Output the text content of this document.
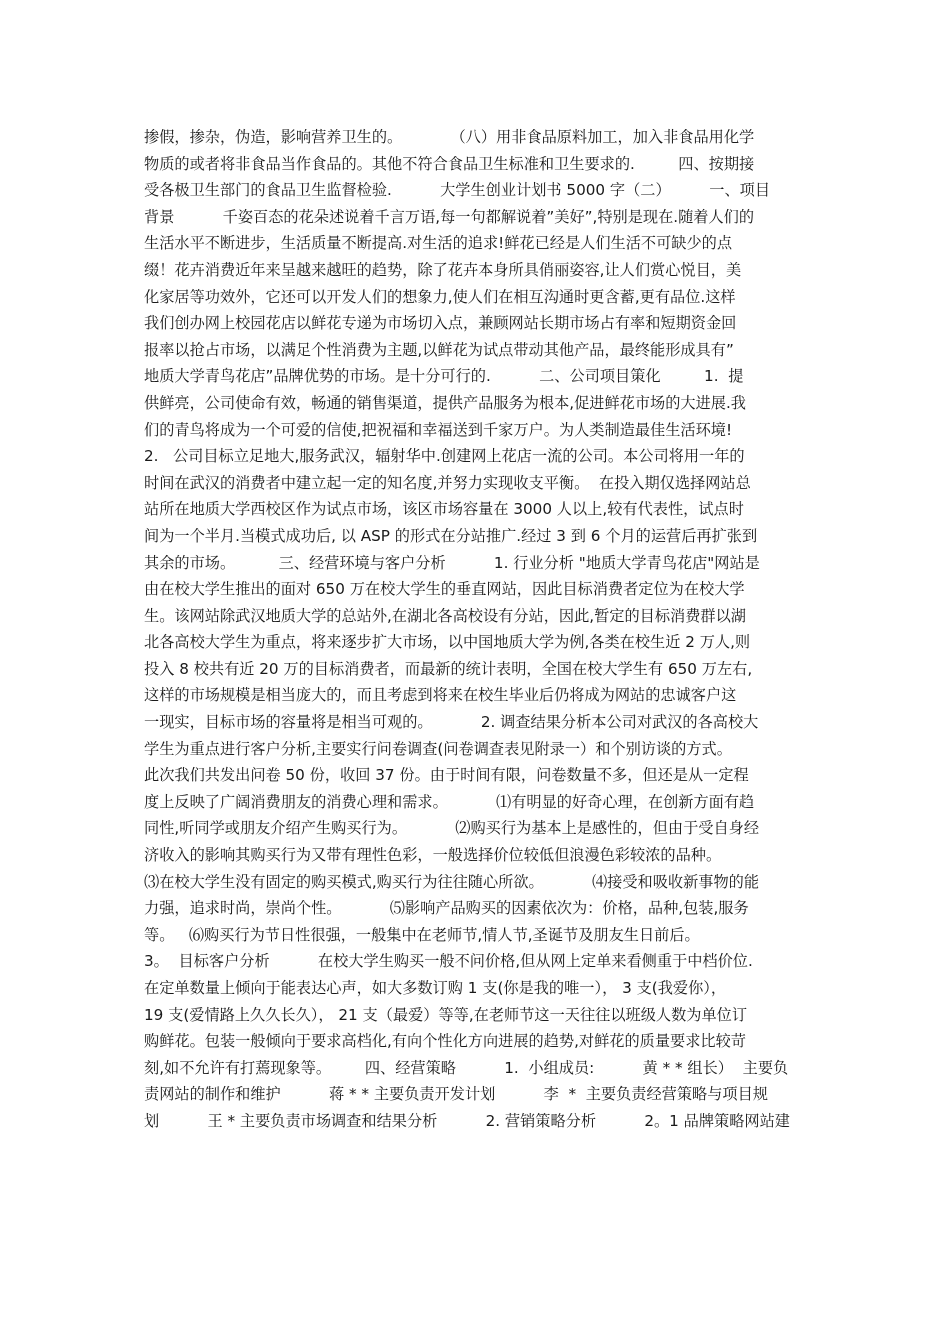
掺假，掺杂，伪造，影响营养卫生的。          （八）用非食品原料加工，加入非食品用化学
物质的或者将非食品当作食品的。其他不符合食品卫生标准和卫生要求的.         四、按期接
受各极卫生部门的食品卫生监督检验.          大学生创业计划书 5000 字（二）        一、项目
背景          千姿百态的花朵述说着千言万语,每一句都解说着”美好”,特别是现在.随着人们的
生活水平不断进步，生活质量不断提高.对生活的追求!鲜花已经是人们生活不可缺少的点
缀！花卉消费近年来呈越来越旺的趋势，除了花卉本身所具俏丽姿容,让人们赏心悦目，美
化家居等功效外，它还可以开发人们的想象力,使人们在相互沟通时更含蓄,更有品位.这样
我们创办网上校园花店以鲜花专递为市场切入点，兼顾网站长期市场占有率和短期资金回
报率以抢占市场，以满足个性消费为主题,以鲜花为试点带动其他产品，最终能形成具有”
地质大学青鸟花店”品牌优势的市场。是十分可行的.          二、公司项目策化         1.  提
供鲜亮，公司使命有效，畅通的销售渠道，提供产品服务为根本,促进鲜花市场的大进展.我
们的青鸟将成为一个可爱的信使,把祝福和幸福送到千家万户。为人类制造最佳生活环境!
2.   公司目标立足地大,服务武汉，辐射华中.创建网上花店一流的公司。本公司将用一年的
时间在武汉的消费者中建立起一定的知名度,并努力实现收支平衡。  在投入期仅选择网站总
站所在地质大学西校区作为试点市场，该区市场容量在 3000 人以上,较有代表性，试点时
间为一个半月.当模式成功后, 以 ASP 的形式在分站推广.经过 3 到 6 个月的运营后再扩张到
其余的市场。         三、经营环境与客户分析          1. 行业分析 "地质大学青鸟花店"网站是
由在校大学生推出的面对 650 万在校大学生的垂直网站，因此目标消费者定位为在校大学
生。该网站除武汉地质大学的总站外,在湖北各高校设有分站，因此,暂定的目标消费群以湖
北各高校大学生为重点，将来逐步扩大市场，以中国地质大学为例,各类在校生近 2 万人,则
投入 8 校共有近 20 万的目标消费者，而最新的统计表明，全国在校大学生有 650 万左右,
这样的市场规模是相当庞大的，而且考虑到将来在校生毕业后仍将成为网站的忠诚客户这
一现实，目标市场的容量将是相当可观的。          2. 调查结果分析本公司对武汉的各高校大
学生为重点进行客户分析,主要实行问卷调查(问卷调查表见附录一）和个别访谈的方式。
此次我们共发出问卷 50 份，收回 37 份。由于时间有限，问卷数量不多，但还是从一定程
度上反映了广阔消费朋友的消费心理和需求。          ⑴有明显的好奇心理，在创新方面有趋
同性,听同学或朋友介绍产生购买行为。          ⑵购买行为基本上是感性的，但由于受自身经
济收入的影响其购买行为又带有理性色彩，一般选择价位较低但浪漫色彩较浓的品种。
⑶在校大学生没有固定的购买模式,购买行为往往随心所欲。          ⑷接受和吸收新事物的能
力强，追求时尚，崇尚个性。          ⑸影响产品购买的因素依次为：价格，品种,包装,服务
等。   ⑹购买行为节日性很强，一般集中在老师节,情人节,圣诞节及朋友生日前后。
3。  目标客户分析          在校大学生购买一般不问价格,但从网上定单来看侧重于中档价位.
在定单数量上倾向于能表达心声，如大多数订购 1 支(你是我的唯一）， 3 支(我爱你），
19 支(爱情路上久久长久）， 21 支（最爱）等等,在老师节这一天往往以班级人数为单位订
购鲜花。包装一般倾向于要求高档化,有向个性化方向进展的趋势,对鲜花的质量要求比较苛
刻,如不允许有打蔫现象等。       四、经营策略          1.  小组成员:          黄 * * 组长）  主要负
责网站的制作和维护          蒋 * * 主要负责开发计划          李  *  主要负责经营策略与项目规
划          王 * 主要负责市场调查和结果分析          2. 营销策略分析          2。1 品牌策略网站建
